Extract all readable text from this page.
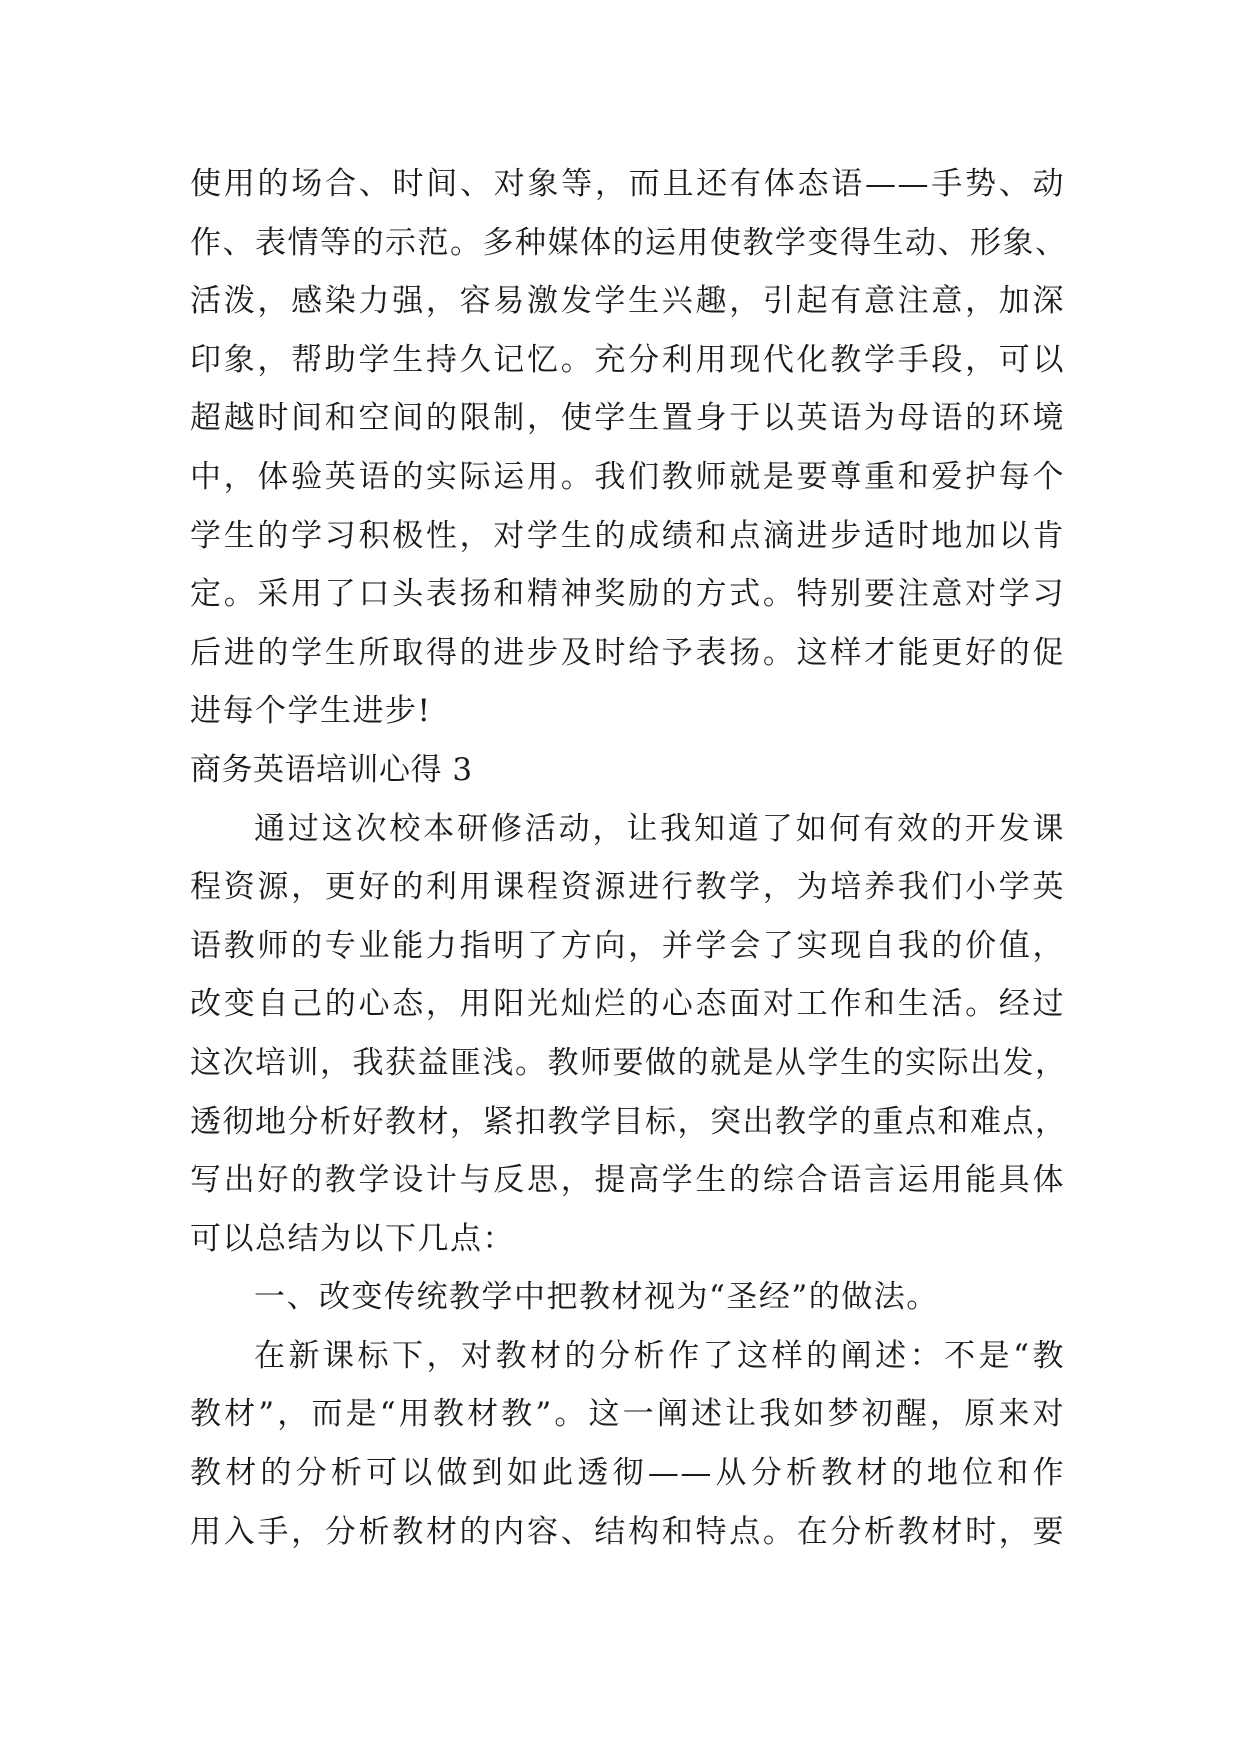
使用的场合、时间、对象等，而且还有体态语——手势、动
作、表情等的示范。多种媒体的运用使教学变得生动、形象、
活泼，感染力强，容易激发学生兴趣，引起有意注意，加深
印象，帮助学生持久记忆。充分利用现代化教学手段，可以
超越时间和空间的限制，使学生置身于以英语为母语的环境
中，体验英语的实际运用。我们教师就是要尊重和爱护每个
学生的学习积极性，对学生的成绩和点滴进步适时地加以肯
定。采用了口头表扬和精神奖励的方式。特别要注意对学习
后进的学生所取得的进步及时给予表扬。这样才能更好的促
进每个学生进步!
商务英语培训心得 3
通过这次校本研修活动，让我知道了如何有效的开发课
程资源，更好的利用课程资源进行教学，为培养我们小学英
语教师的专业能力指明了方向，并学会了实现自我的价值，
改变自己的心态，用阳光灿烂的心态面对工作和生活。经过
这次培训，我获益匪浅。教师要做的就是从学生的实际出发，
透彻地分析好教材，紧扣教学目标，突出教学的重点和难点，
写出好的教学设计与反思，提高学生的综合语言运用能具体
可以总结为以下几点：
一、改变传统教学中把教材视为“圣经”的做法。
在新课标下，对教材的分析作了这样的阐述：不是“教
教材”，而是“用教材教”。这一阐述让我如梦初醒，原来对
教材的分析可以做到如此透彻——从分析教材的地位和作
用入手，分析教材的内容、结构和特点。在分析教材时，要
